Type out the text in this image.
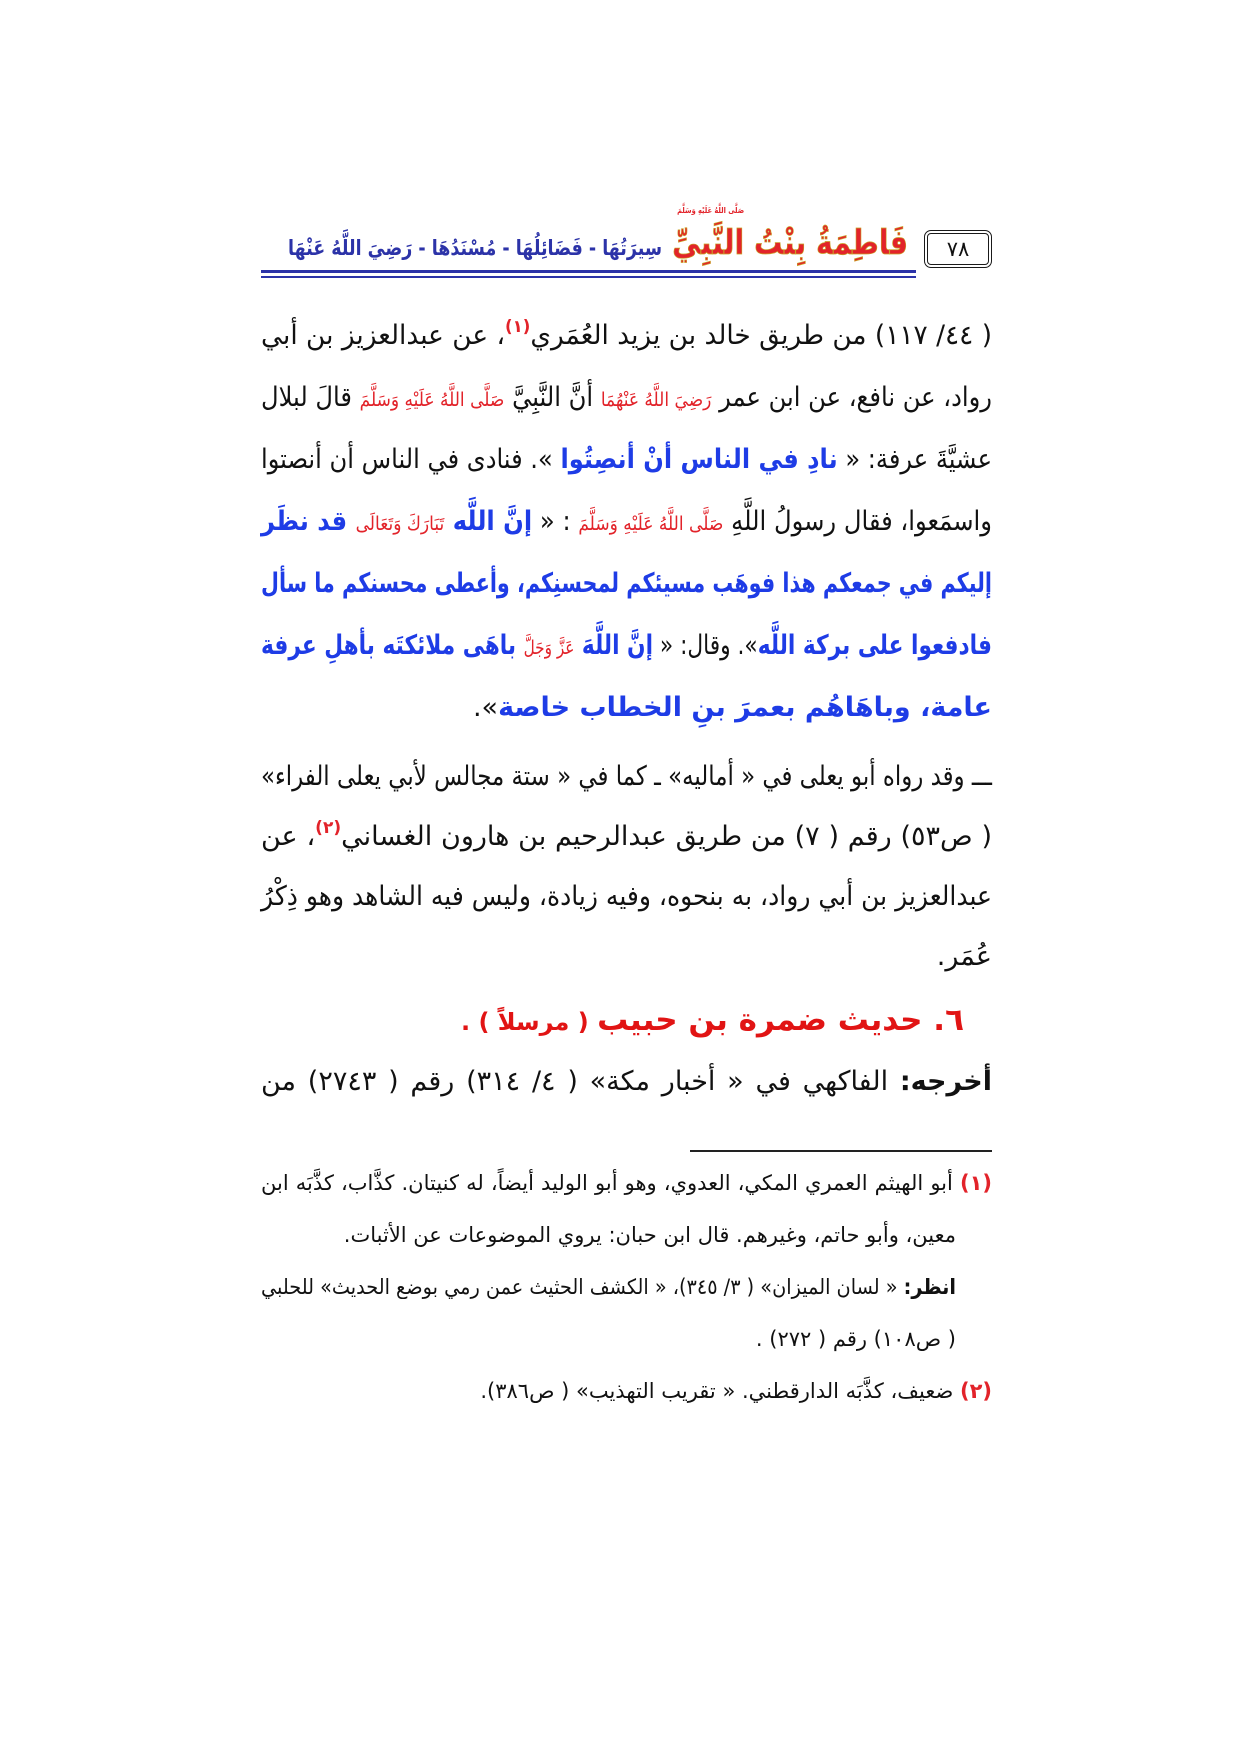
٧٨
صَلَّى اللَّهُ عَلَيْهِ وَسَلَّمَ
فَاطِمَةُ بِنْتُ النَّبِيِّ
سِيرَتُهَا - فَضَائِلُهَا - مُسْنَدُهَا - رَضِيَ اللَّهُ عَنْهَا
( ٤٤/ ١١٧) من طريق خالد بن يزيد العُمَري$^{(١)}$، عن عبدالعزيز بن أبي
رواد، عن نافع، عن ابن عمر رَضِيَ اللَّهُ عَنْهُمَا أنَّ النَّبِيَّ صَلَّى اللَّهُ عَلَيْهِ وَسَلَّمَ قالَ لبلال
عشيَّةَ عرفة: « نادِ في الناس أنْ أنصِتُوا ». فنادى في الناس أن أنصتوا
واسمَعوا، فقال رسولُ اللَّهِ صَلَّى اللَّهُ عَلَيْهِ وَسَلَّمَ : « إنَّ اللَّه تَبَارَكَ وَتَعَالَى قد نظَر
إليكم في جمعكم هذا فوهَب مسيئكم لمحسنِكم، وأعطى محسنكم ما سأل
فادفعوا على بركة اللَّه». وقال: « إنَّ اللَّهَ عَزَّ وَجَلَّ باهَى ملائكتَه بأهلِ عرفة
عامة، وباهَاهُم بعمرَ بنِ الخطاب خاصة».
ـــ وقد رواه أبو يعلى في « أماليه» ـ كما في « ستة مجالس لأبي يعلى الفراء»
( ص٥٣) رقم ( ٧) من طريق عبدالرحيم بن هارون الغساني$^{(٢)}$، عن
عبدالعزيز بن أبي رواد، به بنحوه، وفيه زيادة، وليس فيه الشاهد وهو ذِكْرُ
عُمَر.
٦. حديث ضمرة بن حبيب ( مرسلاً ) .
أخرجه: الفاكهي في « أخبار مكة» ( ٤/ ٣١٤) رقم ( ٢٧٤٣) من
(١) أبو الهيثم العمري المكي، العدوي، وهو أبو الوليد أيضاً، له كنيتان. كذَّاب، كذَّبَه ابن
معين، وأبو حاتم، وغيرهم. قال ابن حبان: يروي الموضوعات عن الأثبات.
انظر: « لسان الميزان» ( ٣/ ٣٤٥)، « الكشف الحثيث عمن رمي بوضع الحديث» للحلبي
( ص١٠٨) رقم ( ٢٧٢) .
(٢) ضعيف، كذَّبَه الدارقطني. « تقريب التهذيب» ( ص٣٨٦).
